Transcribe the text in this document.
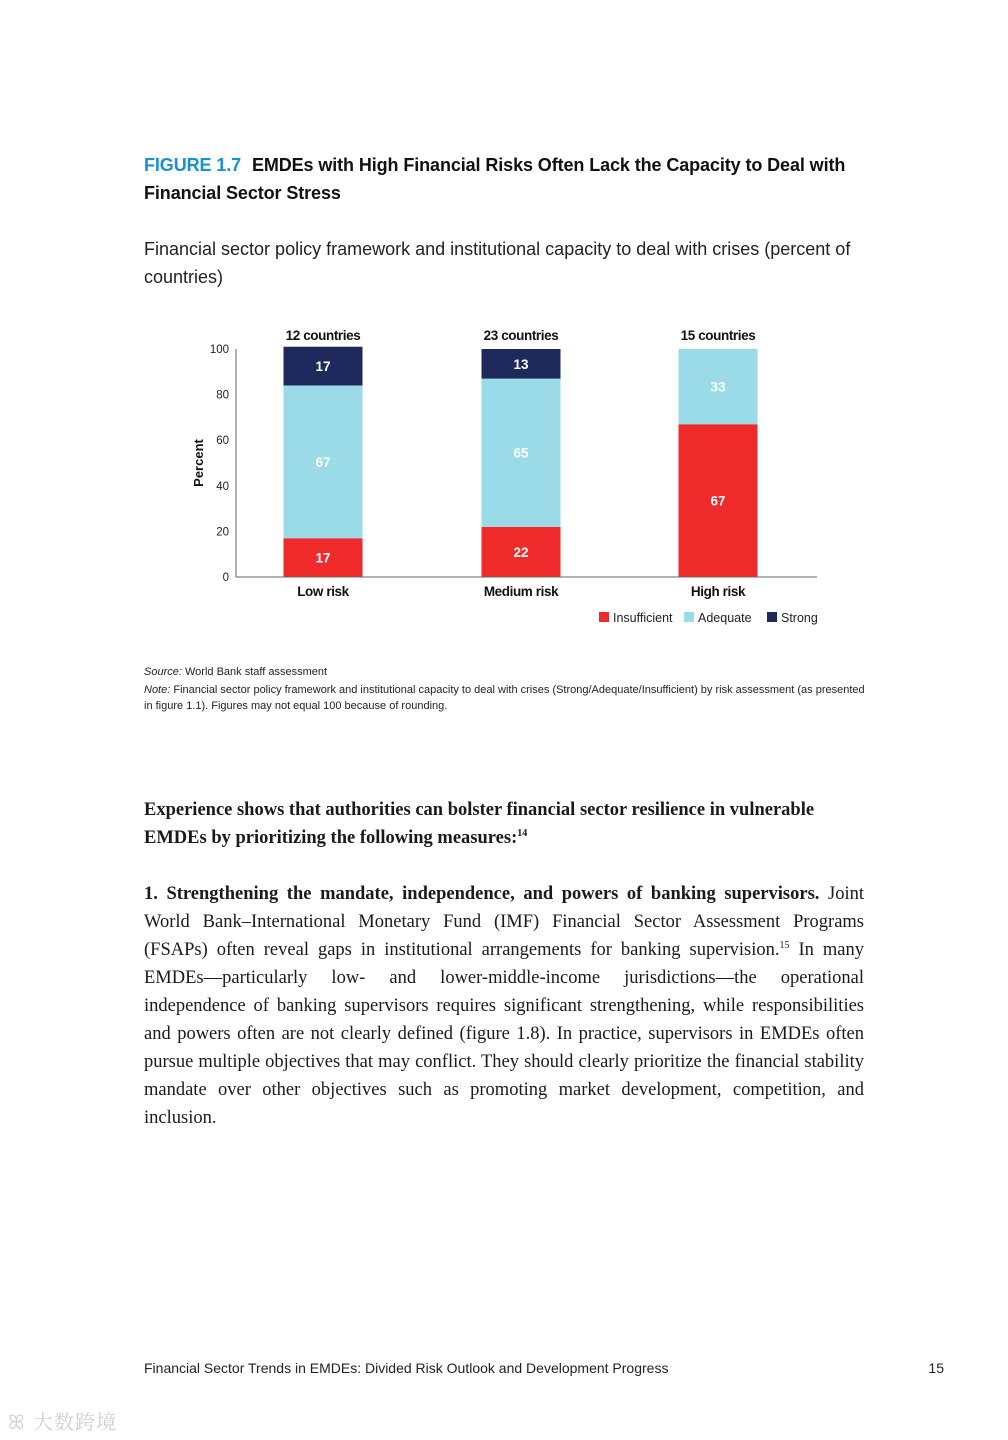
FIGURE 1.7 EMDEs with High Financial Risks Often Lack the Capacity to Deal with Financial Sector Stress
Financial sector policy framework and institutional capacity to deal with crises (percent of countries)
0
20
40
60
80
100
Percent
17
67
17
12 countries
Low risk
22
65
13
23 countries
Medium risk
67
33
15 countries
High risk
Insufficient Adequate Strong

Source: World Bank staff assessment

Note: Financial sector policy framework and institutional capacity to deal with crises (Strong/Adequate/Insufficient) by risk assessment (as presented in figure 1.1). Figures may not equal 100 because of rounding.

Experience shows that authorities can bolster financial sector resilience in vulnerable EMDEs by prioritizing the following measures:$^{14}$

1. Strengthening the mandate, independence, and powers of banking supervisors. Joint World Bank–International Monetary Fund (IMF) Financial Sector Assessment Programs (FSAPs) often reveal gaps in institutional arrangements for banking supervision.$^{15}$ In many EMDEs—particularly low- and lower-middle-income jurisdictions—the operational independence of banking supervisors requires significant strengthening, while responsibilities and powers often are not clearly defined (figure 1.8). In practice, supervisors in EMDEs often pursue multiple objectives that may conflict. They should clearly prioritize the financial stability mandate over other objectives such as promoting market development, competition, and inclusion.

Financial Sector Trends in EMDEs: Divided Risk Outlook and Development Progress	15
ꕤ 大数跨境
